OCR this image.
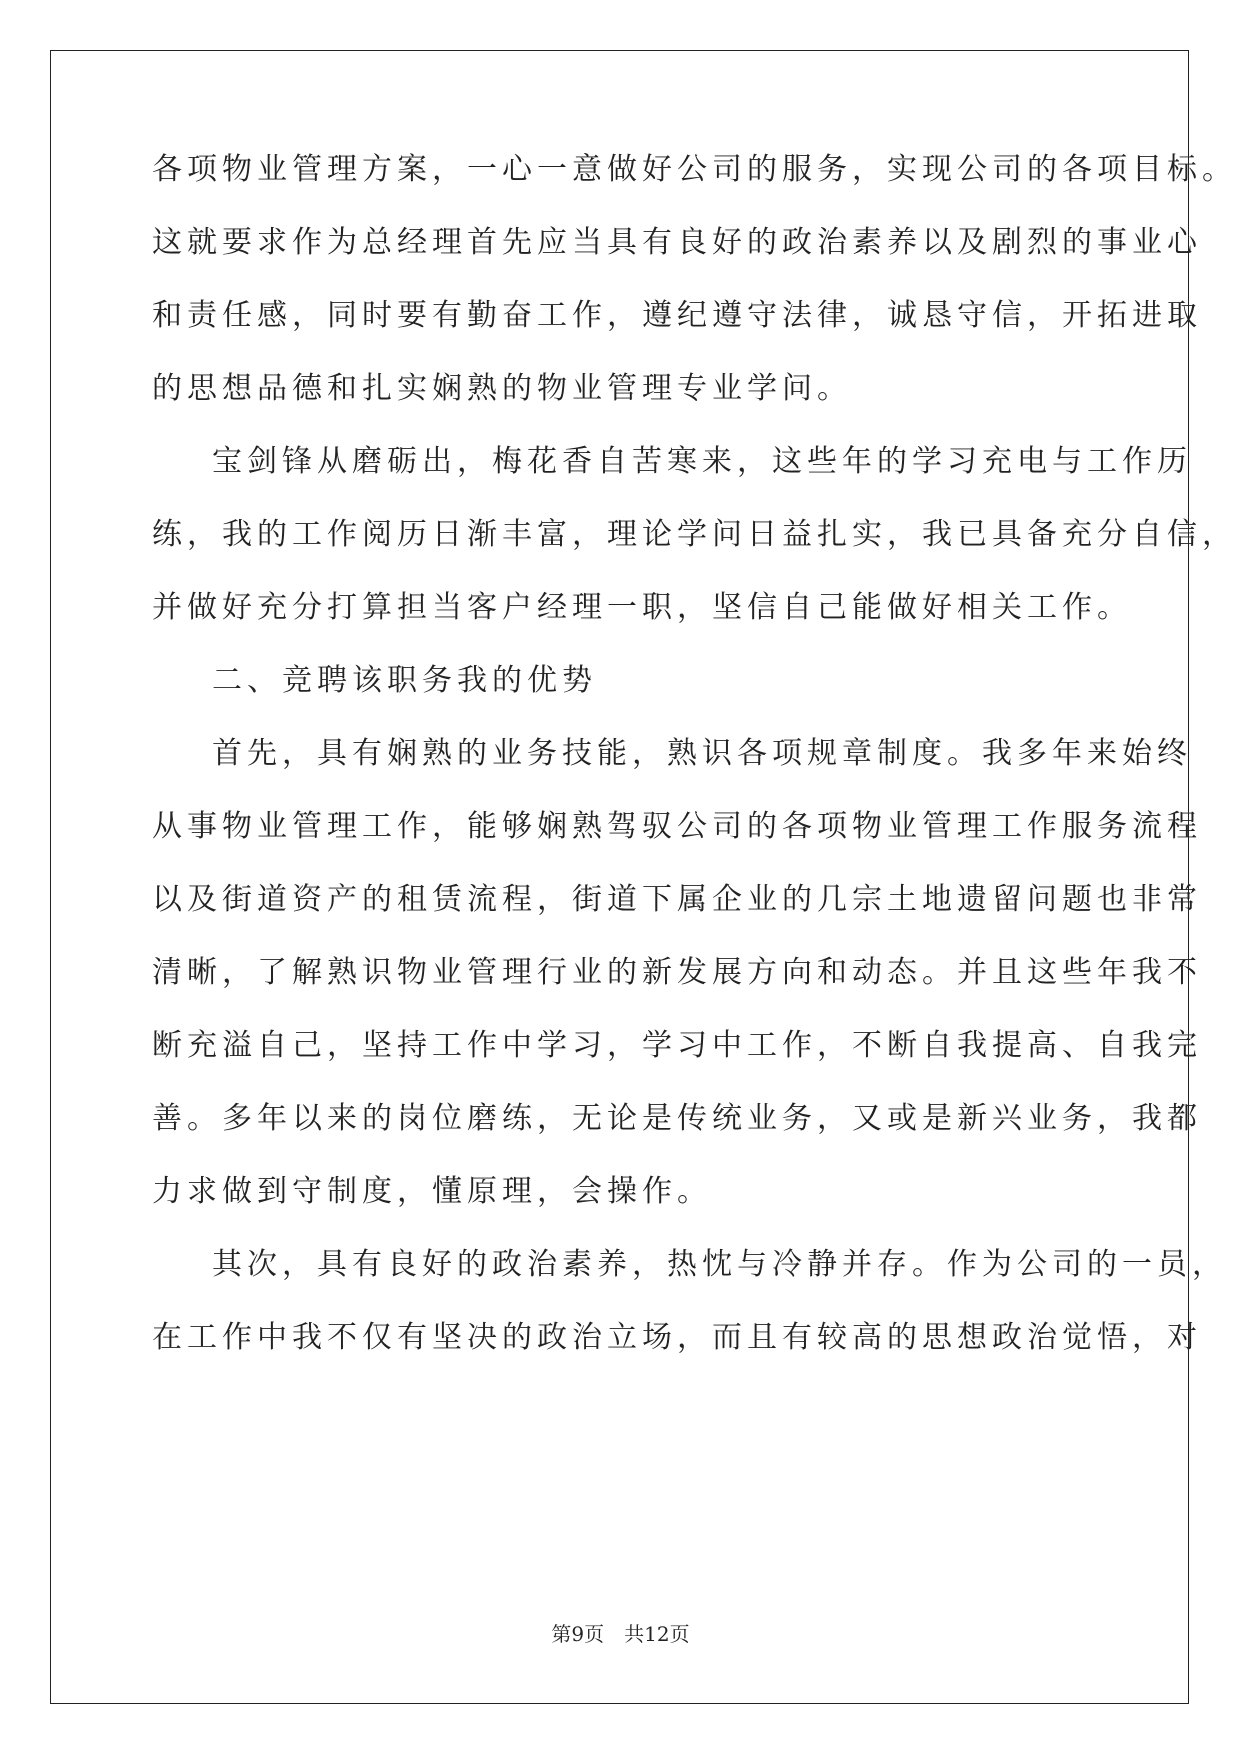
各项物业管理方案，一心一意做好公司的服务，实现公司的各项目标。
这就要求作为总经理首先应当具有良好的政治素养以及剧烈的事业心
和责任感，同时要有勤奋工作，遵纪遵守法律，诚恳守信，开拓进取
的思想品德和扎实娴熟的物业管理专业学问。
宝剑锋从磨砺出，梅花香自苦寒来，这些年的学习充电与工作历
练，我的工作阅历日渐丰富，理论学问日益扎实，我已具备充分自信，
并做好充分打算担当客户经理一职，坚信自己能做好相关工作。
二、竞聘该职务我的优势
首先，具有娴熟的业务技能，熟识各项规章制度。我多年来始终
从事物业管理工作，能够娴熟驾驭公司的各项物业管理工作服务流程
以及街道资产的租赁流程，街道下属企业的几宗土地遗留问题也非常
清晰，了解熟识物业管理行业的新发展方向和动态。并且这些年我不
断充溢自己，坚持工作中学习，学习中工作，不断自我提高、自我完
善。多年以来的岗位磨练，无论是传统业务，又或是新兴业务，我都
力求做到守制度，懂原理，会操作。
其次，具有良好的政治素养，热忱与冷静并存。作为公司的一员，
在工作中我不仅有坚决的政治立场，而且有较高的思想政治觉悟，对
第9页　共12页
